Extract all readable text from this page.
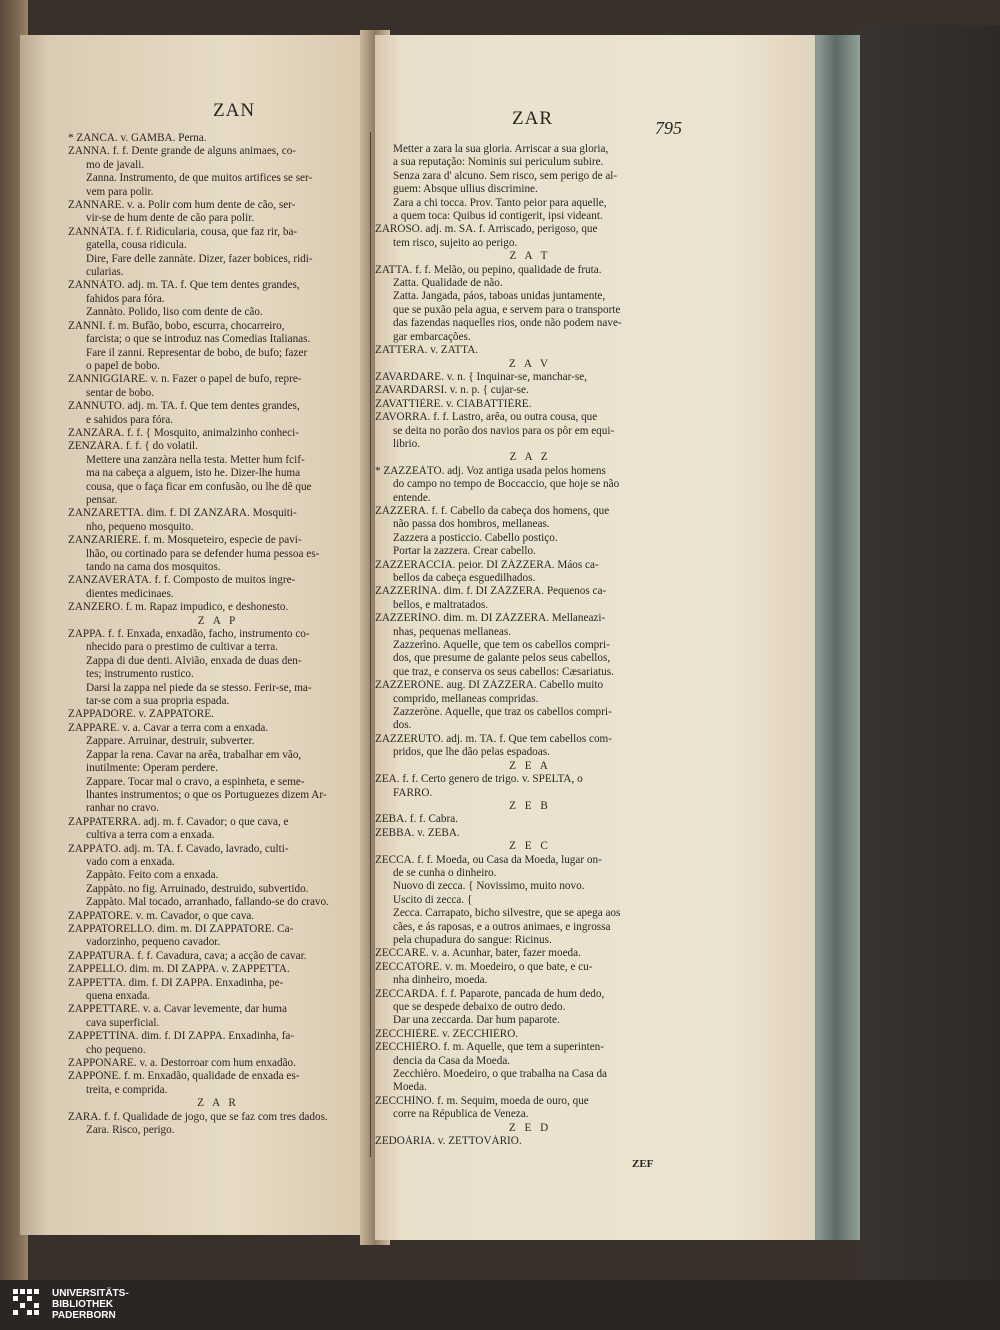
ZAN	ZAR	795
* ZANCA. v. GAMBA. Perna.
ZANNA. f. f. Dente grande de alguns animaes, co-
mo de javali.
Zanna. Instrumento, de que muitos artifices se ser-
vem para polir.
ZANNARE. v. a. Polir com hum dente de cão, ser-
vir-se de hum dente de cão para polir.
ZANNÀTA. f. f. Ridicularia, cousa, que faz rir, ba-
gatella, cousa ridicula.
Dire, Fare delle zannàte. Dizer, fazer bobices, ridi-
cularias.
ZANNÀTO. adj. m. TA. f. Que tem dentes grandes,
fahidos para fóra.
Zannàto. Polido, liso com dente de cão.
ZANNI. f. m. Bufão, bobo, escurra, chocarreiro,
farcista; o que se introduz nas Comedias Italianas.
Fare il zanni. Representar de bobo, de bufo; fazer
o papel de bobo.
ZANNIGGIARE. v. n. Fazer o papel de bufo, repre-
sentar de bobo.
ZANNUTO. adj. m. TA. f. Que tem dentes grandes,
e sahidos para fóra.
ZANZÀRA. f. f. { Mosquito, animalzinho conheci-
ZENZÀRA. f. f. { do volatil.
Mettere una zanzàra nella testa. Metter hum fcif-
ma na cabeça a alguem, isto he. Dizer-lhe huma
cousa, que o faça ficar em confusão, ou lhe dê que
pensar.
ZANZARETTA. dim. f. DI ZANZÀRA. Mosquiti-
nho, pequeno mosquito.
ZANZARIÈRE. f. m. Mosqueteiro, especie de pavi-
lhão, ou cortinado para se defender huma pessoa es-
tando na cama dos mosquitos.
ZANZAVERÀTA. f. f. Composto de muitos ingre-
dientes medicinaes.
ZANZERO. f. m. Rapaz impudico, e deshonesto.
Z A P
ZAPPA. f. f. Enxada, enxadão, facho, instrumento co-
nhecido para o prestimo de cultivar a terra.
Zappa di due denti. Alvião, enxada de duas den-
tes; instrumento rustico.
Darsi la zappa nel piede da se stesso. Ferir-se, ma-
tar-se com a sua propria espada.
ZAPPADÒRE. v. ZAPPATORE.
ZAPPARE. v. a. Cavar a terra com a enxada.
Zappare. Arruinar, destruir, subverter.
Zappar la rena. Cavar na arêa, trabalhar em vão,
inutilmente: Operam perdere.
Zappare. Tocar mal o cravo, a espinheta, e seme-
lhantes instrumentos; o que os Portuguezes dizem Ar-
ranhar no cravo.
ZAPPATERRA. adj. m. f. Cavador; o que cava, e
cultiva a terra com a enxada.
ZAPPÀTO. adj. m. TA. f. Cavado, lavrado, culti-
vado com a enxada.
Zappàto. Feito com a enxada.
Zappàto. no fig. Arruinado, destruido, subvertido.
Zappàto. Mal tocado, arranhado, fallando-se do cravo.
ZAPPATORE. v. m. Cavador, o que cava.
ZAPPATORELLO. dim. m. DI ZAPPATORE. Ca-
vadorzinho, pequeno cavador.
ZAPPATÙRA. f. f. Cavadura, cava; a acção de cavar.
ZAPPELLO. dim. m. DI ZAPPA. v. ZAPPETTA.
ZAPPETTA. dim. f. DI ZAPPA. Enxadinha, pe-
quena enxada.
ZAPPETTARE. v. a. Cavar levemente, dar huma
cava superficial.
ZAPPETTÌNA. dim. f. DI ZAPPA. Enxadinha, fa-
cho pequeno.
ZAPPONARE. v. a. Destorroar com hum enxadão.
ZAPPÒNE. f. m. Enxadão, qualidade de enxada es-
treita, e comprida.
Z A R
ZARA. f. f. Qualidade de jogo, que se faz com tres dados.
Zara. Risco, perigo.
Metter a zara la sua gloria. Arriscar a sua gloria,
a sua reputação: Nominis sui periculum subire.
Senza zara d' alcuno. Sem risco, sem perigo de al-
guem: Absque ullius discrimine.
Zara a chi tocca. Prov. Tanto peior para aquelle,
a quem toca: Quibus id contigerit, ipsi videant.
ZARÒSO. adj. m. SA. f. Arriscado, perigoso, que
tem risco, sujeito ao perigo.
Z A T
ZATTA. f. f. Melão, ou pepino, qualidade de fruta.
Zatta. Qualidade de não.
Zatta. Jangada, páos, taboas unidas juntamente,
que se puxão pela agua, e servem para o transporte
das fazendas naquelles rios, onde não podem nave-
gar embarcações.
ZATTERA. v. ZATTA.
Z A V
ZAVARDARE. v. n. { Inquinar-se, manchar-se,
ZAVARDARSI. v. n. p. { cujar-se.
ZAVATTIÈRE. v. CIABATTIÈRE.
ZAVORRA. f. f. Lastro, arêa, ou outra cousa, que
se deita no porão dos navios para os pôr em equi-
librio.
Z A Z
* ZAZZEÀTO. adj. Voz antiga usada pelos homens
do campo no tempo de Boccaccio, que hoje se não
entende.
ZÀZZERA. f. f. Cabello da cabeça dos homens, que
não passa dos hombros, mellaneas.
Zazzera a posticcio. Cabello postiço.
Portar la zazzera. Crear cabello.
ZAZZERACCIA. peior. DI ZÀZZERA. Máos ca-
bellos da cabeça esguedilhados.
ZAZZERÌNA. dim. f. DI ZÀZZERA. Pequenos ca-
bellos, e maltratados.
ZAZZERÌNO. dim. m. DI ZÀZZERA. Mellaneazi-
nhas, pequenas mellaneas.
Zazzerìno. Aquelle, que tem os cabellos compri-
dos, que presume de galante pelos seus cabellos,
que traz, e conserva os seus cabellos: Cæsariatus.
ZAZZERÒNE. aug. DI ZÀZZERA. Cabello muito
comprido, mellaneas compridas.
Zazzeròne. Aquelle, que traz os cabellos compri-
dos.
ZAZZERÙTO. adj. m. TA. f. Que tem cabellos com-
pridos, que lhe dão pelas espadoas.
Z E A
ZEA. f. f. Certo genero de trigo. v. SPELTA, o
FARRO.
Z E B
ZEBA. f. f. Cabra.
ZEBBA. v. ZEBA.
Z E C
ZECCA. f. f. Moeda, ou Casa da Moeda, lugar on-
de se cunha o dinheiro.
Nuovo di zecca. { Novissimo, muito novo.
Uscito di zecca. {
Zecca. Carrapato, bicho silvestre, que se apega aos
cães, e ás raposas, e a outros animaes, e ingrossa
pela chupadura do sangue: Ricinus.
ZECCARE. v. a. Acunhar, bater, fazer moeda.
ZECCATORE. v. m. Moedeiro, o que bate, e cu-
nha dinheiro, moeda.
ZECCARDA. f. f. Paparote, pancada de hum dedo,
que se despede debaixo de outro dedo.
Dar una zeccarda. Dar hum paparote.
ZECCHIÈRE. v. ZECCHIÈRO.
ZECCHIÈRO. f. m. Aquelle, que tem a superinten-
dencia da Casa da Moeda.
Zecchièro. Moedeiro, o que trabalha na Casa da
Moeda.
ZECCHÌNO. f. m. Sequim, moeda de ouro, que
corre na Républica de Veneza.
Z E D
ZEDOÀRIA. v. ZETTOVÀRIO.
ZEF
UNIVERSITÄTS-
BIBLIOTHEK
PADERBORN
